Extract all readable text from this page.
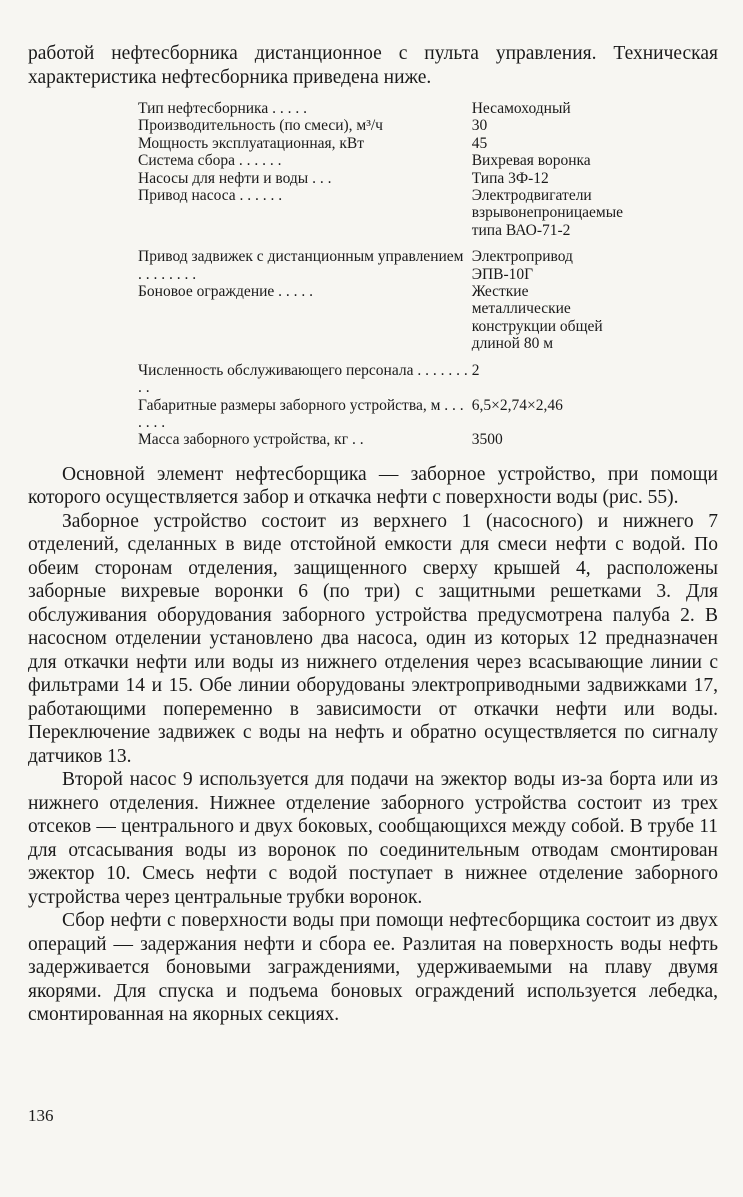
работой нефтесборника дистанционное с пульта управления. Техническая характеристика нефтесборника приведена ниже.

Тип нефтесборника . . . . .	Несамоходный
Производительность (по смеси), м³/ч	30
Мощность эксплуатационная, кВт	45
Система сбора . . . . . .	Вихревая воронка
Насосы для нефти и воды . . .	Типа 3Ф-12
Привод насоса . . . . . .	Электродвигатели взрывонепроницаемые типа ВАО-71-2

Привод задвижек с дистанционным управлением . . . . . . . .	Электропривод ЭПВ-10Г
Боновое ограждение . . . . .	Жесткие металлические конструкции общей длиной 80 м

Численность обслуживающего персонала . . . . . . . . .	2
Габаритные размеры заборного устройства, м . . . . . . .	6,5×2,74×2,46
Масса заборного устройства, кг . .	3500

Основной элемент нефтесборщика — заборное устройство, при помощи которого осуществляется забор и откачка нефти с поверхности воды (рис. 55).

Заборное устройство состоит из верхнего 1 (насосного) и нижнего 7 отделений, сделанных в виде отстойной емкости для смеси нефти с водой. По обеим сторонам отделения, защищенного сверху крышей 4, расположены заборные вихревые воронки 6 (по три) с защитными решетками 3. Для обслуживания оборудования заборного устройства предусмотрена палуба 2. В насосном отделении установлено два насоса, один из которых 12 предназначен для откачки нефти или воды из нижнего отделения через всасывающие линии с фильтрами 14 и 15. Обе линии оборудованы электроприводными задвижками 17, работающими попеременно в зависимости от откачки нефти или воды. Переключение задвижек с воды на нефть и обратно осуществляется по сигналу датчиков 13.

Второй насос 9 используется для подачи на эжектор воды из-за борта или из нижнего отделения. Нижнее отделение заборного устройства состоит из трех отсеков — центрального и двух боковых, сообщающихся между собой. В трубе 11 для отсасывания воды из воронок по соединительным отводам смонтирован эжектор 10. Смесь нефти с водой поступает в нижнее отделение заборного устройства через центральные трубки воронок.

Сбор нефти с поверхности воды при помощи нефтесборщика состоит из двух операций — задержания нефти и сбора ее. Разлитая на поверхность воды нефть задерживается боновыми заграждениями, удерживаемыми на плаву двумя якорями. Для спуска и подъема боновых ограждений используется лебедка, смонтированная на якорных секциях.

136
